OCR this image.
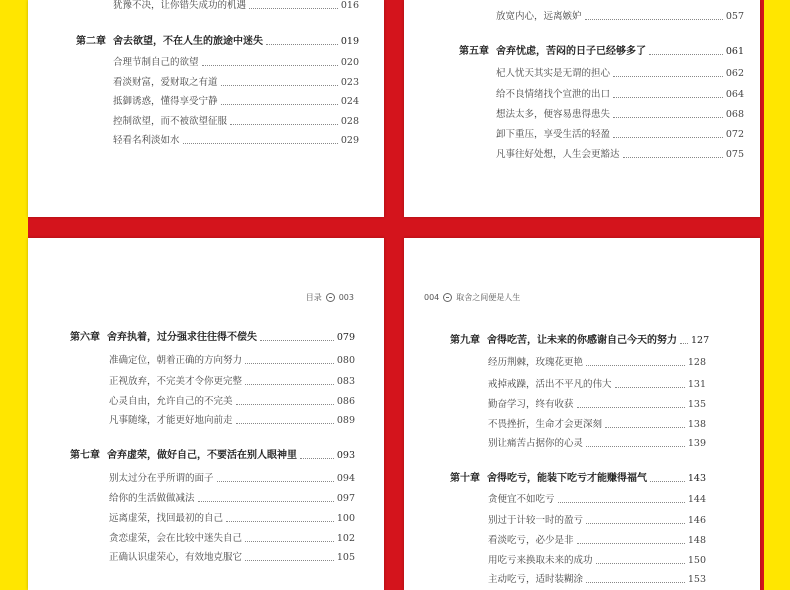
犹豫不决，让你错失成功的机遇	016
第二章 舍去欲望，不在人生的旅途中迷失	019
合理节制自己的欲望	020
看淡财富，爱财取之有道	023
抵御诱惑，懂得享受宁静	024
控制欲望，而不被欲望征服	028
轻看名利淡如水	029
放宽内心，远离嫉妒	057
第五章 舍弃忧虑，苦闷的日子已经够多了	061
杞人忧天其实是无谓的担心	062
给不良情绪找个宣泄的出口	064
想法太多，便容易患得患失	068
卸下重压，享受生活的轻盈	072
凡事往好处想，人生会更豁达	075
目录 003
第六章 舍弃执着，过分强求往往得不偿失	079
准确定位，朝着正确的方向努力	080
正视放弃，不完美才令你更完整	083
心灵自由，允许自己的不完美	086
凡事随缘，才能更好地向前走	089
第七章 舍弃虚荣，做好自己，不要活在别人眼神里	093
别太过分在乎所谓的面子	094
给你的生活做做减法	097
远离虚荣，找回最初的自己	100
贪恋虚荣，会在比较中迷失自己	102
正确认识虚荣心，有效地克服它	105
004 取舍之间便是人生
第九章 舍得吃苦，让未来的你感谢自己今天的努力 127
经历荆棘，玫瑰花更艳	128
戒掉戒躁，活出不平凡的伟大	131
勤奋学习，终有收获	135
不畏挫折，生命才会更深刻	138
别让痛苦占据你的心灵	139
第十章 舍得吃亏，能装下吃亏才能赚得福气	143
贪便宜不如吃亏	144
别过于计较一时的盈亏	146
看淡吃亏，必少是非	148
用吃亏来换取未来的成功	150
主动吃亏，适时装糊涂	153
